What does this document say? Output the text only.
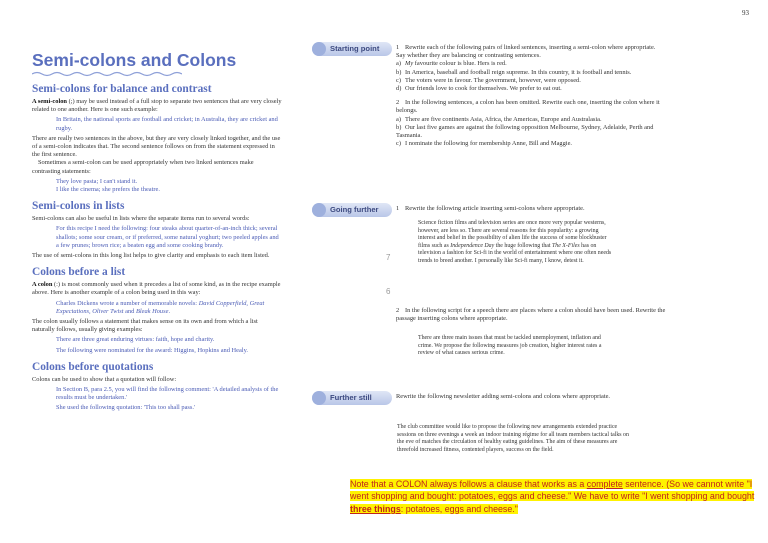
93
Semi-colons and Colons
Semi-colons for balance and contrast

A semi-colon (;) may be used instead of a full stop to separate two sentences that are very closely related to one another. Here is one such example:

In Britain, the national sports are football and cricket; in Australia, they are cricket and rugby.

There are really two sentences in the above, but they are very closely linked together, and the use of a semi-colon indicates that. The second sentence follows on from the statement expressed in the first sentence.

Sometimes a semi-colon can be used appropriately when two linked sentences make contrasting statements:

They love pasta; I can't stand it.

I like the cinema; she prefers the theatre.

Semi-colons in lists

Semi-colons can also be useful in lists where the separate items run to several words:

For this recipe I need the following: four steaks about quarter-of-an-inch thick; several shallots; some sour cream, or if preferred, some natural yoghurt; two peeled apples and a few prunes; brown rice; a beaten egg and some cooking brandy.

The use of semi-colons in this long list helps to give clarity and emphasis to each item listed.

Colons before a list

A colon (:) is most commonly used when it precedes a list of some kind, as in the recipe example above. Here is another example of a colon being used in this way:

Charles Dickens wrote a number of memorable novels: David Copperfield, Great Expectations, Oliver Twist and Bleak House.

The colon usually follows a statement that makes sense on its own and from which a list naturally follows, usually giving examples:

There are three great enduring virtues: faith, hope and charity.

The following were nominated for the award: Higgins, Hopkins and Healy.

Colons before quotations

Colons can be used to show that a quotation will follow:

In Section B, para 2.5, you will find the following comment: 'A detailed analysis of the results must be undertaken.'

She used the following quotation: 'This too shall pass.'

Starting point	1 Rewrite each of the following pairs of linked sentences, inserting a semi-colon where appropriate. Say whether they are balancing or contrasting sentences.

a) My favourite colour is blue. Hers is red.

b) In America, baseball and football reign supreme. In this country, it is football and tennis.

c) The voters were in favour. The government, however, were opposed.

d) Our friends love to cook for themselves. We prefer to eat out.

2 In the following sentences, a colon has been omitted. Rewrite each one, inserting the colon where it belongs.

a) There are five continents Asia, Africa, the Americas, Europe and Australasia.

b) Our last five games are against the following opposition Melbourne, Sydney, Adelaide, Perth and Tasmania.

c) I nominate the following for membership Anne, Bill and Maggie.

Going further	1 Rewrite the following article inserting semi-colons where appropriate.

Science fiction films and television series are once more very popular westerns, however, are less so. There are several reasons for this popularity: a growing interest and belief in the possibility of alien life the success of some blockbuster films such as Independence Day the huge following that The X-Files has on television a fashion for Sci-fi in the world of entertainment where one often needs trends to breed another. I personally like Sci-fi many, I know, detest it.
7
6

2 In the following script for a speech there are places where a colon should have been used. Rewrite the passage inserting colons where appropriate.

There are three main issues that must be tackled unemployment, inflation and crime. We propose the following measures job creation, higher interest rates a review of what causes serious crime.
Further still	Rewrite the following newsletter adding semi-colons and colons where appropriate.
The club committee would like to propose the following new arrangements extended practice sessions on three evenings a week an indoor training régime for all team members tactical talks on the eve of matches the circulation of healthy eating guidelines. The aim of these measures are threefold increased fitness, contented players, success on the field.
Note that a COLON always follows a clause that works as a complete sentence. (So we cannot write "I went shopping and bought: potatoes, eggs and cheese." We have to write "I went shopping and bought three things: potatoes, eggs and cheese."
